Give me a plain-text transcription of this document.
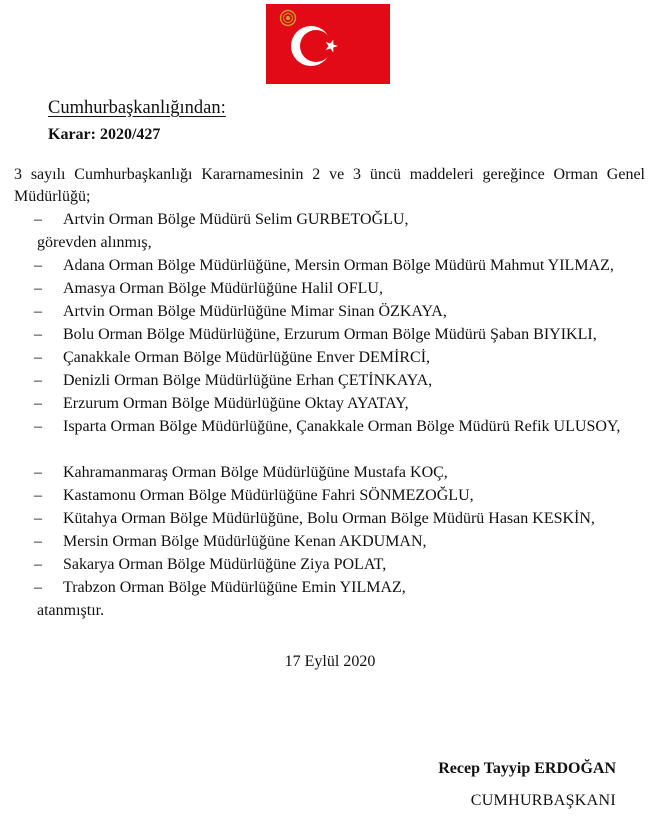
Cumhurbaşkanlığından:
Karar: 2020/427
3 sayılı Cumhurbaşkanlığı Kararnamesinin 2 ve 3 üncü maddeleri gereğince Orman Genel Müdürlüğü;
–	Artvin Orman Bölge Müdürü Selim GURBETOĞLU,
görevden alınmış,
–	Adana Orman Bölge Müdürlüğüne, Mersin Orman Bölge Müdürü Mahmut YILMAZ,
–	Amasya Orman Bölge Müdürlüğüne Halil OFLU,
–	Artvin Orman Bölge Müdürlüğüne Mimar Sinan ÖZKAYA,
–	Bolu Orman Bölge Müdürlüğüne, Erzurum Orman Bölge Müdürü Şaban BIYIKLI,
–	Çanakkale Orman Bölge Müdürlüğüne Enver DEMİRCİ,
–	Denizli Orman Bölge Müdürlüğüne Erhan ÇETİNKAYA,
–	Erzurum Orman Bölge Müdürlüğüne Oktay AYATAY,
–	Isparta Orman Bölge Müdürlüğüne, Çanakkale Orman Bölge Müdürü Refik ULUSOY,
–	Kahramanmaraş Orman Bölge Müdürlüğüne Mustafa KOÇ,
–	Kastamonu Orman Bölge Müdürlüğüne Fahri SÖNMEZOĞLU,
–	Kütahya Orman Bölge Müdürlüğüne, Bolu Orman Bölge Müdürü Hasan KESKİN,
–	Mersin Orman Bölge Müdürlüğüne Kenan AKDUMAN,
–	Sakarya Orman Bölge Müdürlüğüne Ziya POLAT,
–	Trabzon Orman Bölge Müdürlüğüne Emin YILMAZ,
atanmıştır.
17 Eylül 2020
Recep Tayyip ERDOĞAN
CUMHURBAŞKANI
